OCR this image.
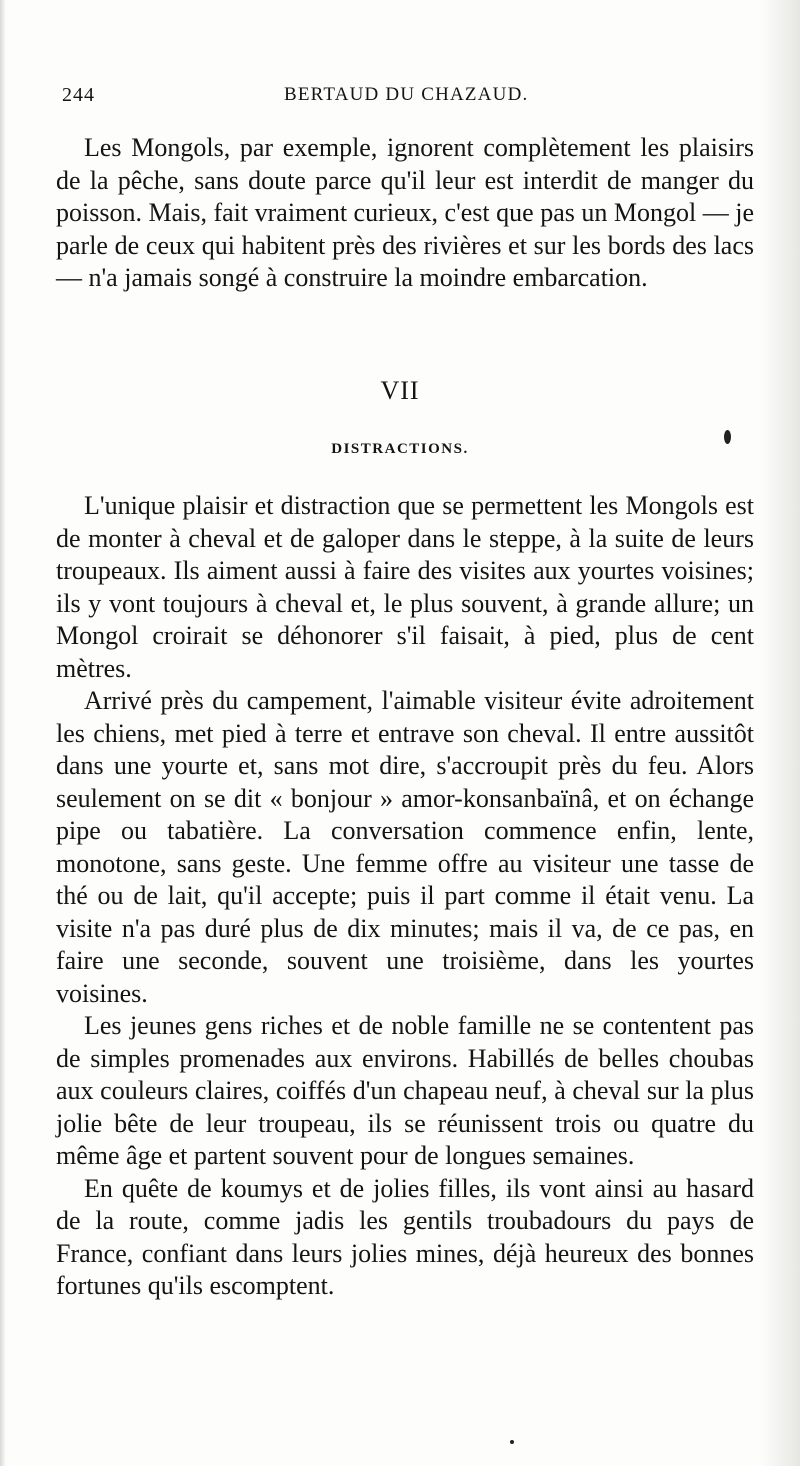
244	BERTAUD DU CHAZAUD.

Les Mongols, par exemple, ignorent complètement les plaisirs de la pêche, sans doute parce qu'il leur est interdit de manger du poisson. Mais, fait vraiment curieux, c'est que pas un Mongol — je parle de ceux qui habitent près des rivières et sur les bords des lacs — n'a jamais songé à construire la moindre embarcation.

VII
DISTRACTIONS.

L'unique plaisir et distraction que se permettent les Mongols est de monter à cheval et de galoper dans le steppe, à la suite de leurs troupeaux. Ils aiment aussi à faire des visites aux yourtes voisines; ils y vont toujours à cheval et, le plus souvent, à grande allure; un Mongol croirait se déhonorer s'il faisait, à pied, plus de cent mètres.

Arrivé près du campement, l'aimable visiteur évite adroitement les chiens, met pied à terre et entrave son cheval. Il entre aussitôt dans une yourte et, sans mot dire, s'accroupit près du feu. Alors seulement on se dit « bonjour » amor-konsanbaïnâ, et on échange pipe ou tabatière. La conversation commence enfin, lente, monotone, sans geste. Une femme offre au visiteur une tasse de thé ou de lait, qu'il accepte; puis il part comme il était venu. La visite n'a pas duré plus de dix minutes; mais il va, de ce pas, en faire une seconde, souvent une troisième, dans les yourtes voisines.

Les jeunes gens riches et de noble famille ne se contentent pas de simples promenades aux environs. Habillés de belles choubas aux couleurs claires, coiffés d'un chapeau neuf, à cheval sur la plus jolie bête de leur troupeau, ils se réunissent trois ou quatre du même âge et partent souvent pour de longues semaines.

En quête de koumys et de jolies filles, ils vont ainsi au hasard de la route, comme jadis les gentils troubadours du pays de France, confiant dans leurs jolies mines, déjà heureux des bonnes fortunes qu'ils escomptent.
